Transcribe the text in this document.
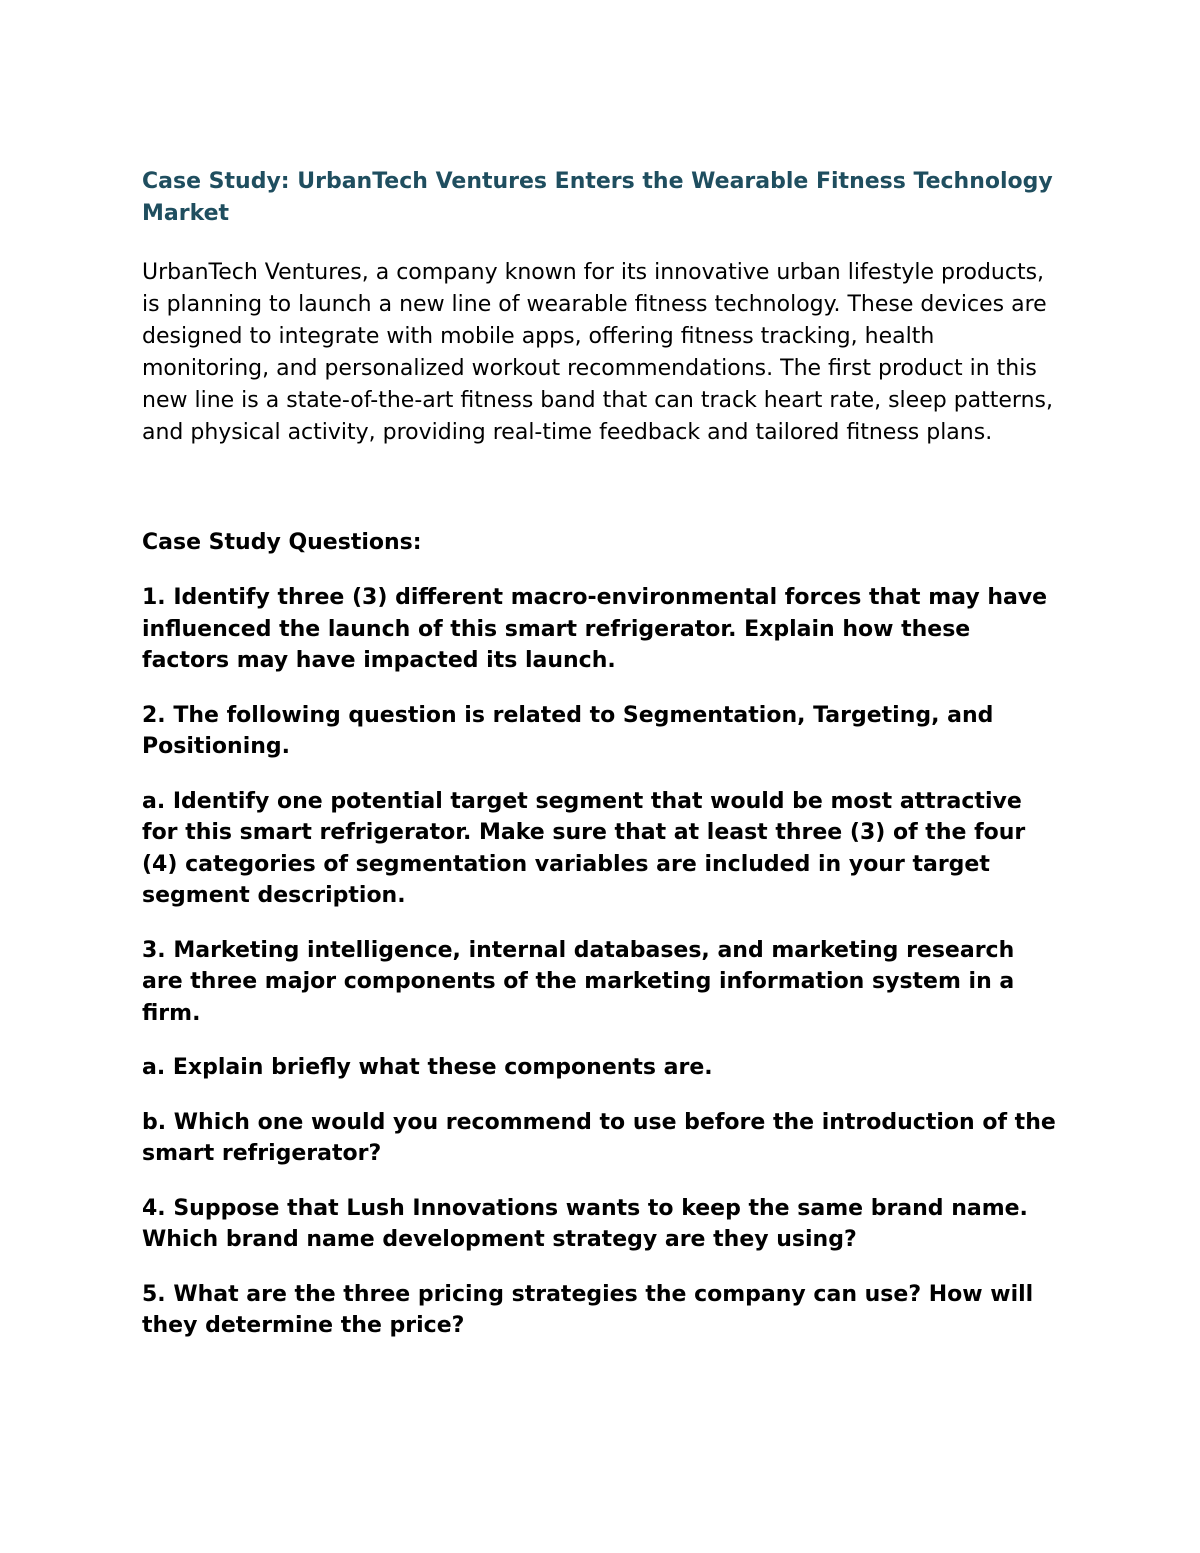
Case Study: UrbanTech Ventures Enters the Wearable Fitness Technology Market
UrbanTech Ventures, a company known for its innovative urban lifestyle products, is planning to launch a new line of wearable fitness technology. These devices are designed to integrate with mobile apps, offering fitness tracking, health monitoring, and personalized workout recommendations. The first product in this new line is a state-of-the-art fitness band that can track heart rate, sleep patterns, and physical activity, providing real-time feedback and tailored fitness plans.
Case Study Questions:
1. Identify three (3) different macro-environmental forces that may have influenced the launch of this smart refrigerator. Explain how these factors may have impacted its launch.
2. The following question is related to Segmentation, Targeting, and Positioning.
a. Identify one potential target segment that would be most attractive for this smart refrigerator. Make sure that at least three (3) of the four (4) categories of segmentation variables are included in your target segment description.
3. Marketing intelligence, internal databases, and marketing research are three major components of the marketing information system in a firm.
a. Explain briefly what these components are.
b. Which one would you recommend to use before the introduction of the smart refrigerator?
4. Suppose that Lush Innovations wants to keep the same brand name. Which brand name development strategy are they using?
5. What are the three pricing strategies the company can use? How will they determine the price?
